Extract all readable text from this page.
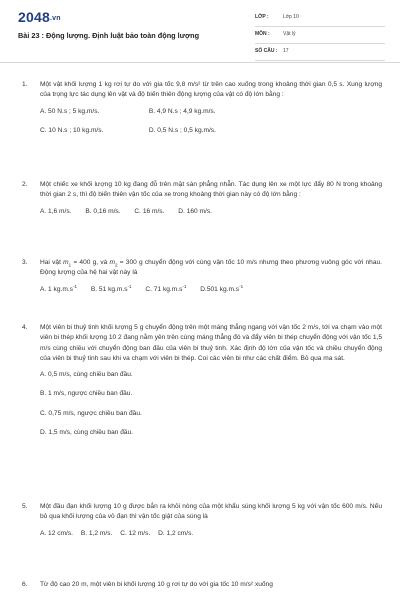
2048.vn
Bài 23 : Động lượng. Định luật bảo toàn động lượng
LỚP :	Lớp 10
MÔN :	Vật lý
SỐ CÂU : 17
1.	Một vật khối lượng 1 kg rơi tự do với gia tốc 9,8 m/s² từ trên cao xuống trong khoảng thời gian 0,5 s. Xung lượng của trọng lực tác dụng lên vật và độ biến thiên động lượng của vật có độ lớn bằng :
A. 50 N.s ; 5 kg.m/s.	B. 4,9 N.s ; 4,9 kg.m/s.
C. 10 N.s ; 10 kg.m/s.	D. 0,5 N.s ; 0,5 kg.m/s.
2.	Một chiếc xe khối lượng 10 kg đang đỗ trên mặt sàn phẳng nhẵn. Tác dụng lên xe một lực đẩy 80 N trong khoảng thời gian 2 s, thì độ biến thiên vận tốc của xe trong khoảng thời gian này có độ lớn bằng :
A. 1,6 m/s. B. 0,16 m/s. C. 16 m/s. D. 160 m/s.
3.	Hai vật $m_1 = 400$ g, và $m_2 = 300$ g chuyển động với cùng vận tốc 10 m/s nhưng theo phương vuông góc với nhau. Động lượng của hệ hai vật này là
A. 1 $kg.m.s^{-1}$ B. 51 $kg.m.s^{-1}$ C. 71 $kg.m.s^{-1}$ D.501 $kg.m.s^{-1}$
4.	Một viên bi thuỷ tinh khối lượng 5 g chuyển động trên một máng thẳng ngang với vận tốc 2 m/s, tới va chạm vào một viên bi thép khối lượng 10 2 đang nằm yên trên cùng máng thẳng đó và đẩy viên bi thép chuyển động với vận tốc 1,5 m/s cùng chiều với chuyển động ban đầu của viên bi thuỷ tinh. Xác định độ lớn của vận tốc và chiều chuyển động của viên bi thuỷ tinh sau khi va chạm với viên bi thép. Coi các viên bi như các chất điểm. Bỏ qua ma sát.
A. 0,5 m/s, cùng chiều ban đầu.
B. 1 m/s, ngược chiều ban đầu.
C. 0,75 m/s, ngược chiều ban đầu.
D. 1,5 m/s, cùng chiều ban đầu.
5.	Một đầu đạn khối lượng 10 g được bắn ra khỏi nòng của một khẩu súng khối lượng 5 kg với vận tốc 600 m/s. Nếu bỏ qua khối lượng của vỏ đạn thì vận tốc giật của súng là
A. 12 cm/s. B. 1,2 m/s. C. 12 m/s. D. 1,2 cm/s.
6.	Từ độ cao 20 m, một viên bi khối lượng 10 g rơi tự do với gia tốc 10 m/s² xuống
